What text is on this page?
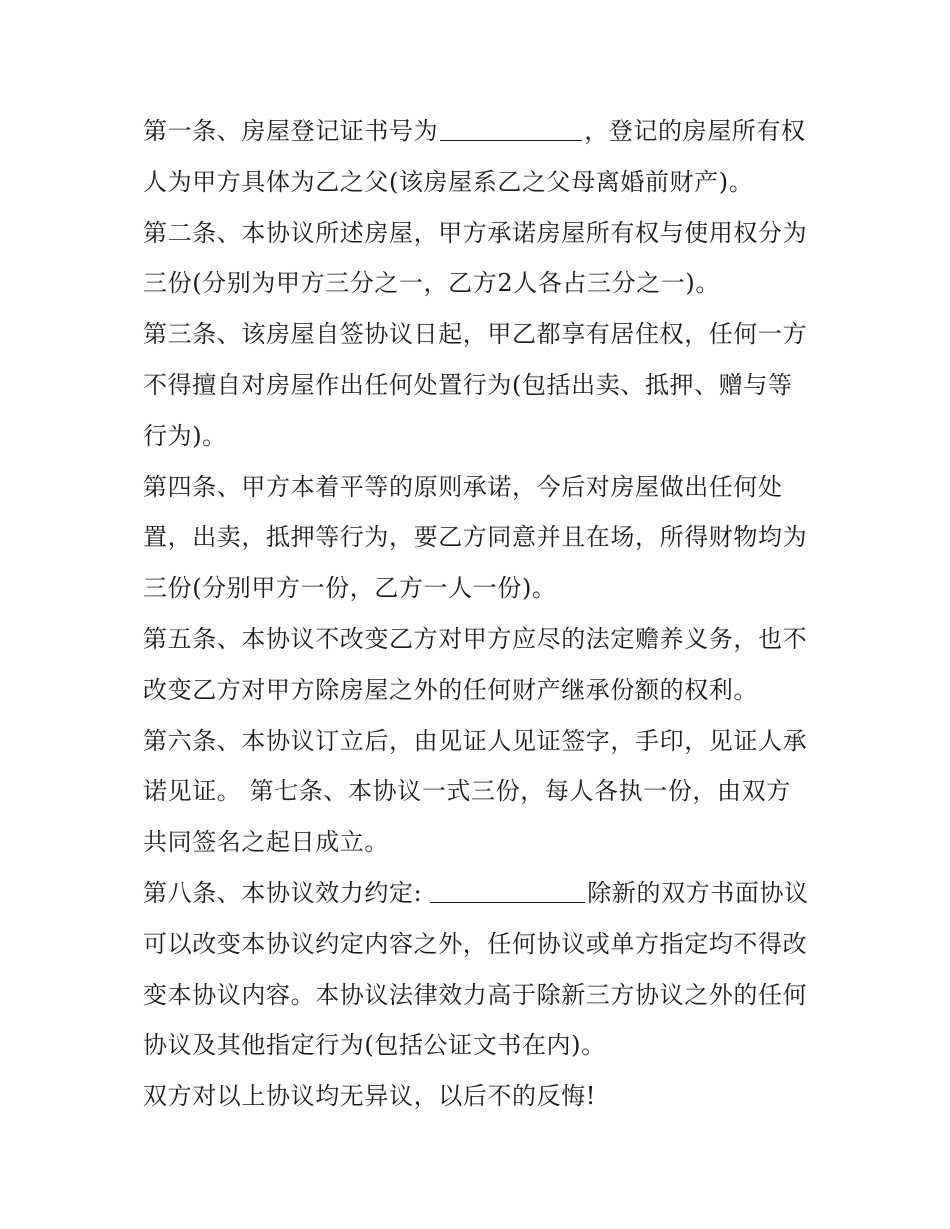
第一条、房屋登记证书号为	，登记的房屋所有权人为甲方具体为乙之父(该房屋系乙之父母离婚前财产)。

第二条、本协议所述房屋，甲方承诺房屋所有权与使用权分为三份(分别为甲方三分之一，乙方2人各占三分之一)。

第三条、该房屋自签协议日起，甲乙都享有居住权，任何一方不得擅自对房屋作出任何处置行为(包括出卖、抵押、赠与等行为)。

第四条、甲方本着平等的原则承诺，今后对房屋做出任何处置，出卖，抵押等行为，要乙方同意并且在场，所得财物均为三份(分别甲方一份，乙方一人一份)。

第五条、本协议不改变乙方对甲方应尽的法定赡养义务，也不改变乙方对甲方除房屋之外的任何财产继承份额的权利。

第六条、本协议订立后，由见证人见证签字，手印，见证人承诺见证。 第七条、本协议一式三份，每人各执一份，由双方共同签名之起日成立。

第八条、本协议效力约定:	除新的双方书面协议可以改变本协议约定内容之外，任何协议或单方指定均不得改变本协议内容。本协议法律效力高于除新三方协议之外的任何协议及其他指定行为(包括公证文书在内)。

双方对以上协议均无异议，以后不的反悔!
